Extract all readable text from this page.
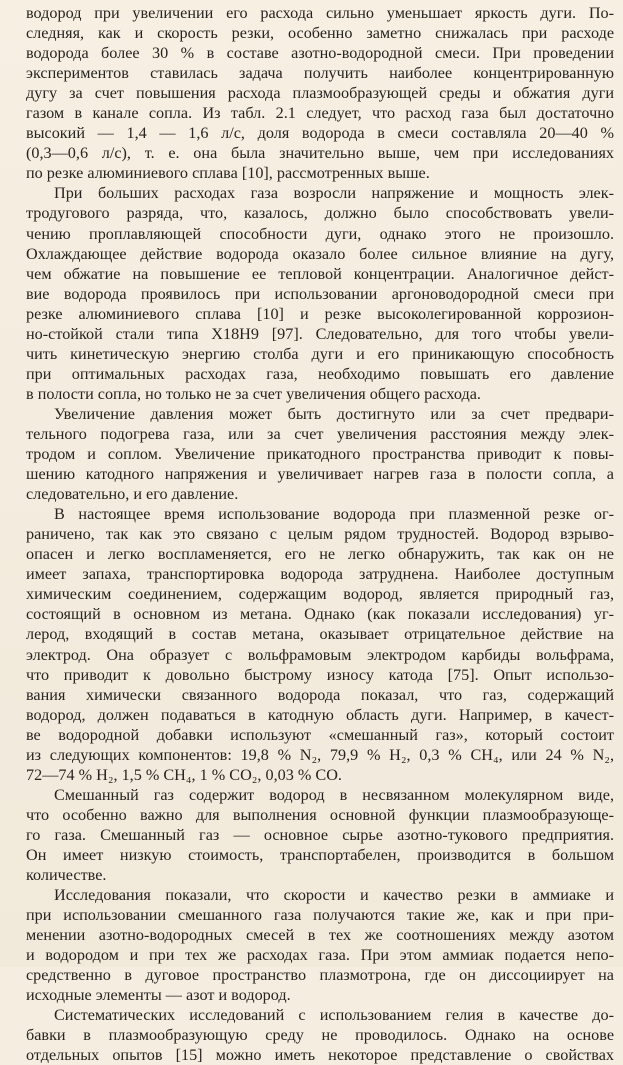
водород при увеличении его расхода сильно уменьшает яркость дуги. По-
следняя, как и скорость резки, особенно заметно снижалась при расходе
водорода более 30 % в составе азотно-водородной смеси. При проведении
экспериментов ставилась задача получить наиболее концентрированную
дугу за счет повышения расхода плазмообразующей среды и обжатия дуги
газом в канале сопла. Из табл. 2.1 следует, что расход газа был достаточно
высокий — 1,4 — 1,6 л/с, доля водорода в смеси составляла 20—40 %
(0,3—0,6 л/с), т. е. она была значительно выше, чем при исследованиях
по резке алюминиевого сплава [10], рассмотренных выше.
При больших расходах газа возросли напряжение и мощность элек-
тродугового разряда, что, казалось, должно было способствовать увели-
чению проплавляющей способности дуги, однако этого не произошло.
Охлаждающее действие водорода оказало более сильное влияние на дугу,
чем обжатие на повышение ее тепловой концентрации. Аналогичное дейст-
вие водорода проявилось при использовании аргоноводородной смеси при
резке алюминиевого сплава [10] и резке высоколегированной коррозион-
но-стойкой стали типа Х18Н9 [97]. Следовательно, для того чтобы увели-
чить кинетическую энергию столба дуги и его приникающую способность
при оптимальных расходах газа, необходимо повышать его давление
в полости сопла, но только не за счет увеличения общего расхода.
Увеличение давления может быть достигнуто или за счет предвари-
тельного подогрева газа, или за счет увеличения расстояния между элек-
тродом и соплом. Увеличение прикатодного пространства приводит к повы-
шению катодного напряжения и увеличивает нагрев газа в полости сопла, а
следовательно, и его давление.
В настоящее время использование водорода при плазменной резке ог-
раничено, так как это связано с целым рядом трудностей. Водород взрыво-
опасен и легко воспламеняется, его не легко обнаружить, так как он не
имеет запаха, транспортировка водорода затруднена. Наиболее доступным
химическим соединением, содержащим водород, является природный газ,
состоящий в основном из метана. Однако (как показали исследования) уг-
лерод, входящий в состав метана, оказывает отрицательное действие на
электрод. Она образует с вольфрамовым электродом карбиды вольфрама,
что приводит к довольно быстрому износу катода [75]. Опыт использо-
вания химически связанного водорода показал, что газ, содержащий
водород, должен подаваться в катодную область дуги. Например, в качест-
ве водородной добавки используют «смешанный газ», который состоит
из следующих компонентов: 19,8 % N₂, 79,9 % H₂, 0,3 % CH₄, или 24 % N₂,
72—74 % H₂, 1,5 % CH₄, 1 % CO₂, 0,03 % CO.
Смешанный газ содержит водород в несвязанном молекулярном виде,
что особенно важно для выполнения основной функции плазмообразующе-
го газа. Смешанный газ — основное сырье азотно-тукового предприятия.
Он имеет низкую стоимость, транспортабелен, производится в большом
количестве.
Исследования показали, что скорости и качество резки в аммиаке и
при использовании смешанного газа получаются такие же, как и при при-
менении азотно-водородных смесей в тех же соотношениях между азотом
и водородом и при тех же расходах газа. При этом аммиак подается непо-
средственно в дуговое пространство плазмотрона, где он диссоциирует на
исходные элементы — азот и водород.
Систематических исследований с использованием гелия в качестве до-
бавки в плазмообразующую среду не проводилось. Однако на основе
отдельных опытов [15] можно иметь некоторое представление о свойствах
